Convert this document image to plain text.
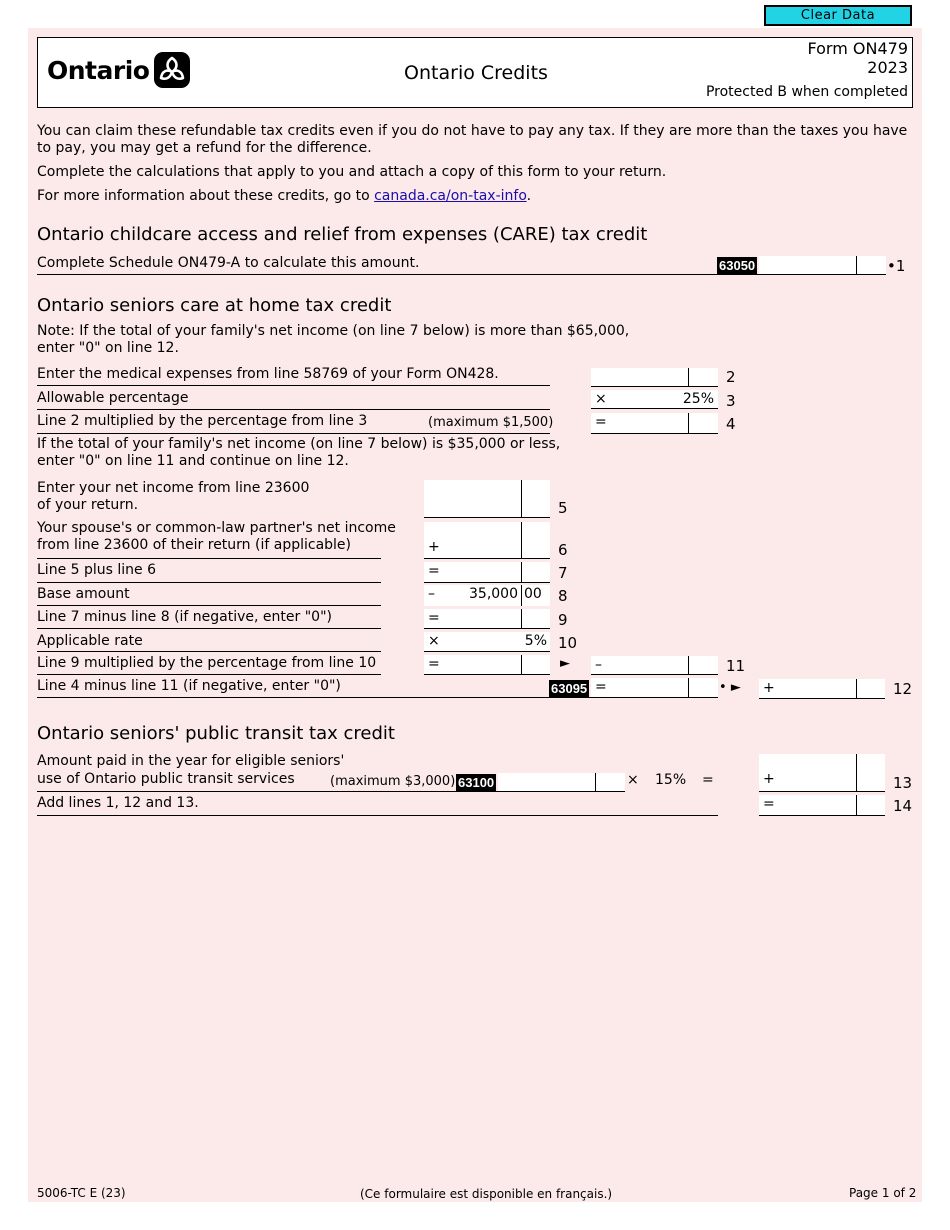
Clear Data
Ontario	Ontario Credits
Form ON479
2023
Protected B when completed
You can claim these refundable tax credits even if you do not have to pay any tax. If they are more than the taxes you have
to pay, you may get a refund for the difference.
Complete the calculations that apply to you and attach a copy of this form to your return.
For more information about these credits, go to canada.ca/on-tax-info.
Ontario childcare access and relief from expenses (CARE) tax credit
Complete Schedule ON479-A to calculate this amount.	63050	•1
Ontario seniors care at home tax credit
Note: If the total of your family's net income (on line 7 below) is more than $65,000,
enter "0" on line 12.
Enter the medical expenses from line 58769 of your Form ON428.	2
Allowable percentage	×	25% 3
Line 2 multiplied by the percentage from line 3	(maximum $1,500)	=	4
If the total of your family's net income (on line 7 below) is $35,000 or less,
enter "0" on line 11 and continue on line 12.
Enter your net income from line 23600
of your return.	5
Your spouse's or common-law partner's net income
from line 23600 of their return (if applicable)	+	6
Line 5 plus line 6	=	7
Base amount	– 35,000 00 8
Line 7 minus line 8 (if negative, enter "0")	=	9
Applicable rate	×	5% 10
Line 9 multiplied by the percentage from line 10	=	► –	11
Line 4 minus line 11 (if negative, enter "0")	63095 =	• ► +	12
Ontario seniors' public transit tax credit
Amount paid in the year for eligible seniors'
use of Ontario public transit services	(maximum $3,000) 63100	× 15% =	+	13
Add lines 1, 12 and 13.	=	14
5006-TC E (23)	(Ce formulaire est disponible en français.)	Page 1 of 2
